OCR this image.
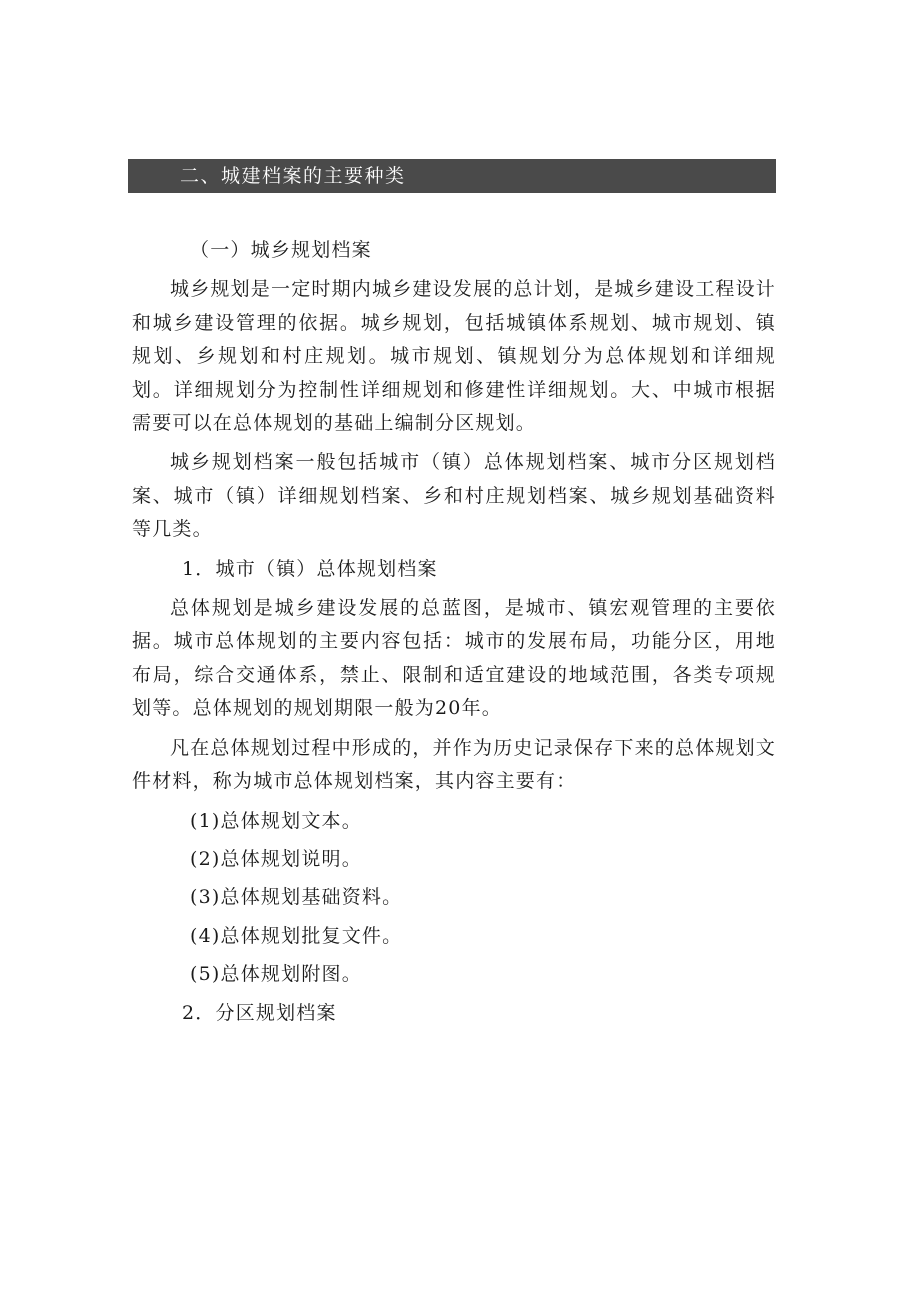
二、城建档案的主要种类

（一）城乡规划档案

城乡规划是一定时期内城乡建设发展的总计划，是城乡建设工程设计和城乡建设管理的依据。城乡规划，包括城镇体系规划、城市规划、镇规划、乡规划和村庄规划。城市规划、镇规划分为总体规划和详细规划。详细规划分为控制性详细规划和修建性详细规划。大、中城市根据需要可以在总体规划的基础上编制分区规划。

城乡规划档案一般包括城市（镇）总体规划档案、城市分区规划档案、城市（镇）详细规划档案、乡和村庄规划档案、城乡规划基础资料等几类。

1．城市（镇）总体规划档案

总体规划是城乡建设发展的总蓝图，是城市、镇宏观管理的主要依据。城市总体规划的主要内容包括：城市的发展布局，功能分区，用地布局，综合交通体系，禁止、限制和适宜建设的地域范围，各类专项规划等。总体规划的规划期限一般为20年。

凡在总体规划过程中形成的，并作为历史记录保存下来的总体规划文件材料，称为城市总体规划档案，其内容主要有：

(1)总体规划文本。

(2)总体规划说明。

(3)总体规划基础资料。

(4)总体规划批复文件。

(5)总体规划附图。

2．分区规划档案
